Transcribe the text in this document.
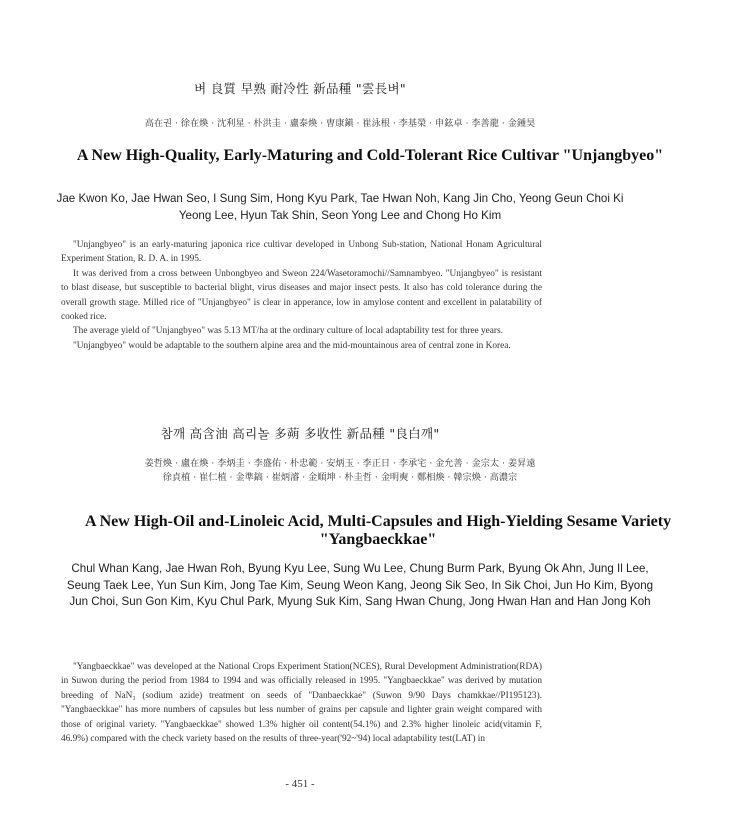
벼 良質 早熟 耐冷性 新品種 "雲長벼"
高在권 · 徐在煥 · 沈利星 · 朴洪圭 · 盧泰煥 · 曺康鎭 · 崔泳根 · 李基榮 · 申鉉卓 · 李善龍 · 金鍾昊
A New High-Quality, Early-Maturing and Cold-Tolerant Rice Cultivar "Unjangbyeo"
Jae Kwon Ko, Jae Hwan Seo, I Sung Sim, Hong Kyu Park, Tae Hwan Noh, Kang Jin Cho, Yeong Geun Choi Ki Yeong Lee, Hyun Tak Shin, Seon Yong Lee and Chong Ho Kim

"Unjangbyeo" is an early-maturing japonica rice cultivar developed in Unbong Sub-station, National Honam Agricultural Experiment Station, R. D. A. in 1995.

It was derived from a cross between Unbongbyeo and Sweon 224/Wasetoramochi//Samnambyeo. "Unjangbyeo" is resistant to blast disease, but susceptible to bacterial blight, virus diseases and major insect pests. It also has cold tolerance during the overall growth stage. Milled rice of "Unjangbyeo" is clear in apperance, low in amylose content and excellent in palatability of cooked rice.

The average yield of "Unjangbyeo" was 5.13 MT/ha at the ordinary culture of local adaptability test for three years.

"Unjangbyeo" would be adaptable to the southern alpine area and the mid-mountainous area of central zone in Korea.

참깨 高含油 高리놀 多蒴 多收性 新品種 "良白깨"
姜哲煥 · 盧在煥 · 李炳圭 · 李盛佑 · 朴忠範 · 安炳玉 · 李正日 · 李承宅 · 金允善 · 金宗太 · 姜昇遠
徐貞植 · 崔仁植 · 金準鎬 · 崔炳濬 · 金順坤 · 朴圭哲 · 金明奭 · 鄭相煥 · 韓宗煥 · 高濃宗
A New High-Oil and-Linoleic Acid, Multi-Capsules and High-Yielding Sesame Variety "Yangbaeckkae"
Chul Whan Kang, Jae Hwan Roh, Byung Kyu Lee, Sung Wu Lee, Chung Burm Park, Byung Ok Ahn, Jung Il Lee, Seung Taek Lee, Yun Sun Kim, Jong Tae Kim, Seung Weon Kang, Jeong Sik Seo, In Sik Choi, Jun Ho Kim, Byong Jun Choi, Sun Gon Kim, Kyu Chul Park, Myung Suk Kim, Sang Hwan Chung, Jong Hwan Han and Han Jong Koh

"Yangbaeckkae" was developed at the National Crops Experiment Station(NCES), Rural Development Administration(RDA) in Suwon during the period from 1984 to 1994 and was officially released in 1995. "Yangbaeckkae" was derived by mutation breeding of NaN₃ (sodium azide) treatment on seeds of "Danbaeckkae" (Suwon 9/90 Days chamkkae//PI195123). "Yangbaeckkae" has more numbers of capsules but less number of grains per capsule and lighter grain weight compared with those of original variety. "Yangbaeckkae" showed 1.3% higher oil content(54.1%) and 2.3% higher linoleic acid(vitamin F, 46.9%) compared with the check variety based on the results of three-year('92~'94) local adaptability test(LAT) in

- 451 -
